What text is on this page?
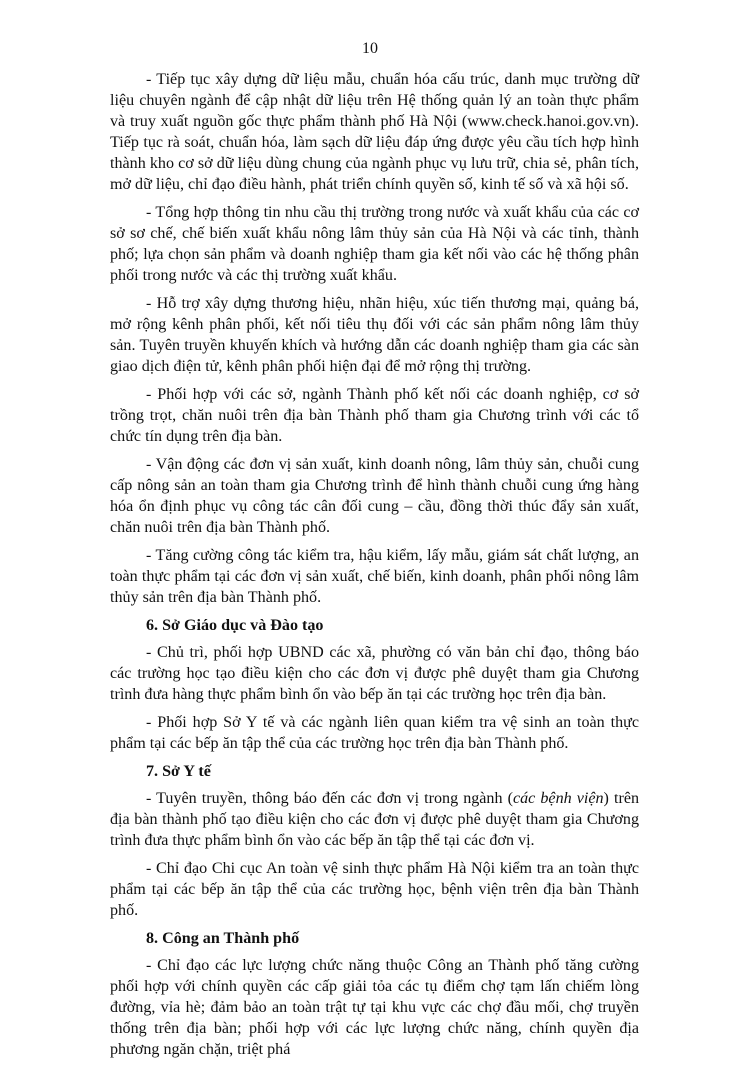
10

- Tiếp tục xây dựng dữ liệu mẫu, chuẩn hóa cấu trúc, danh mục trường dữ liệu chuyên ngành để cập nhật dữ liệu trên Hệ thống quản lý an toàn thực phẩm và truy xuất nguồn gốc thực phẩm thành phố Hà Nội (www.check.hanoi.gov.vn). Tiếp tục rà soát, chuẩn hóa, làm sạch dữ liệu đáp ứng được yêu cầu tích hợp hình thành kho cơ sở dữ liệu dùng chung của ngành phục vụ lưu trữ, chia sẻ, phân tích, mở dữ liệu, chỉ đạo điều hành, phát triển chính quyền số, kinh tế số và xã hội số.

- Tổng hợp thông tin nhu cầu thị trường trong nước và xuất khẩu của các cơ sở sơ chế, chế biến xuất khẩu nông lâm thủy sản của Hà Nội và các tỉnh, thành phố; lựa chọn sản phẩm và doanh nghiệp tham gia kết nối vào các hệ thống phân phối trong nước và các thị trường xuất khẩu.

- Hỗ trợ xây dựng thương hiệu, nhãn hiệu, xúc tiến thương mại, quảng bá, mở rộng kênh phân phối, kết nối tiêu thụ đối với các sản phẩm nông lâm thủy sản. Tuyên truyền khuyến khích và hướng dẫn các doanh nghiệp tham gia các sàn giao dịch điện tử, kênh phân phối hiện đại để mở rộng thị trường.

- Phối hợp với các sở, ngành Thành phố kết nối các doanh nghiệp, cơ sở trồng trọt, chăn nuôi trên địa bàn Thành phố tham gia Chương trình với các tổ chức tín dụng trên địa bàn.

- Vận động các đơn vị sản xuất, kinh doanh nông, lâm thủy sản, chuỗi cung cấp nông sản an toàn tham gia Chương trình để hình thành chuỗi cung ứng hàng hóa ổn định phục vụ công tác cân đối cung – cầu, đồng thời thúc đẩy sản xuất, chăn nuôi trên địa bàn Thành phố.

- Tăng cường công tác kiểm tra, hậu kiểm, lấy mẫu, giám sát chất lượng, an toàn thực phẩm tại các đơn vị sản xuất, chế biến, kinh doanh, phân phối nông lâm thủy sản trên địa bàn Thành phố.

6. Sở Giáo dục và Đào tạo

- Chủ trì, phối hợp UBND các xã, phường có văn bản chỉ đạo, thông báo các trường học tạo điều kiện cho các đơn vị được phê duyệt tham gia Chương trình đưa hàng thực phẩm bình ổn vào bếp ăn tại các trường học trên địa bàn.

- Phối hợp Sở Y tế và các ngành liên quan kiểm tra vệ sinh an toàn thực phẩm tại các bếp ăn tập thể của các trường học trên địa bàn Thành phố.

7. Sở Y tế

- Tuyên truyền, thông báo đến các đơn vị trong ngành (các bệnh viện) trên địa bàn thành phố tạo điều kiện cho các đơn vị được phê duyệt tham gia Chương trình đưa thực phẩm bình ổn vào các bếp ăn tập thể tại các đơn vị.

- Chỉ đạo Chi cục An toàn vệ sinh thực phẩm Hà Nội kiểm tra an toàn thực phẩm tại các bếp ăn tập thể của các trường học, bệnh viện trên địa bàn Thành phố.

8. Công an Thành phố

- Chỉ đạo các lực lượng chức năng thuộc Công an Thành phố tăng cường phối hợp với chính quyền các cấp giải tỏa các tụ điểm chợ tạm lấn chiếm lòng đường, vỉa hè; đảm bảo an toàn trật tự tại khu vực các chợ đầu mối, chợ truyền thống trên địa bàn; phối hợp với các lực lượng chức năng, chính quyền địa phương ngăn chặn, triệt phá
